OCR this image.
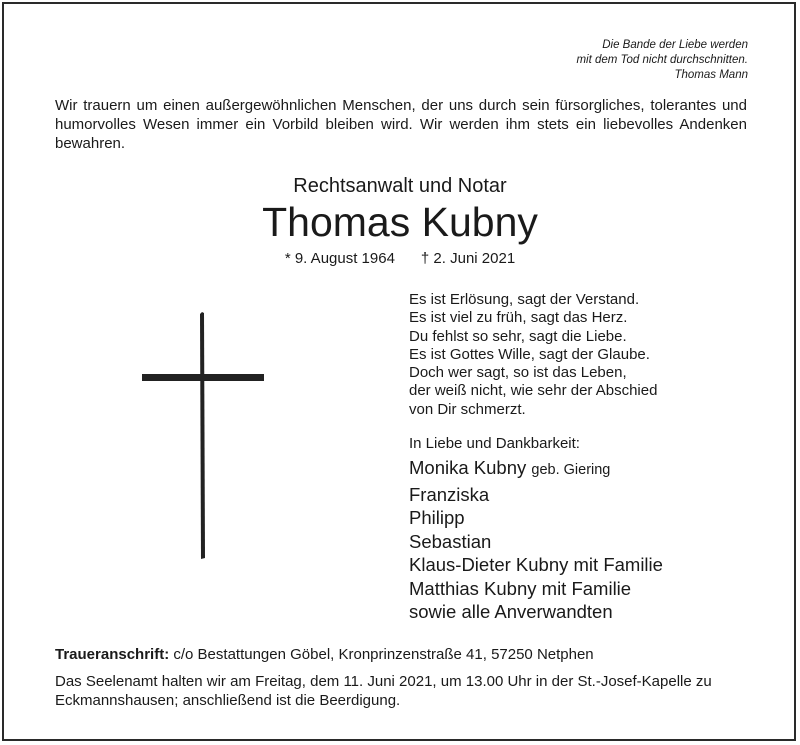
Die Bande der Liebe werden
mit dem Tod nicht durchschnitten.
Thomas Mann
Wir trauern um einen außergewöhnlichen Menschen, der uns durch sein fürsorgliches, tolerantes und humorvolles Wesen immer ein Vorbild bleiben wird. Wir werden ihm stets ein liebevolles Andenken bewahren.
Rechtsanwalt und Notar
Thomas Kubny
* 9. August 1964 † 2. Juni 2021
Es ist Erlösung, sagt der Verstand.
Es ist viel zu früh, sagt das Herz.
Du fehlst so sehr, sagt die Liebe.
Es ist Gottes Wille, sagt der Glaube.
Doch wer sagt, so ist das Leben,
der weiß nicht, wie sehr der Abschied
von Dir schmerzt.
In Liebe und Dankbarkeit:
Monika Kubny geb. Giering
Franziska
Philipp
Sebastian
Klaus-Dieter Kubny mit Familie
Matthias Kubny mit Familie
sowie alle Anverwandten
Traueranschrift: c/o Bestattungen Göbel, Kronprinzenstraße 41, 57250 Netphen
Das Seelenamt halten wir am Freitag, dem 11. Juni 2021, um 13.00 Uhr in der St.-Josef-Kapelle zu Eckmannshausen; anschließend ist die Beerdigung.
